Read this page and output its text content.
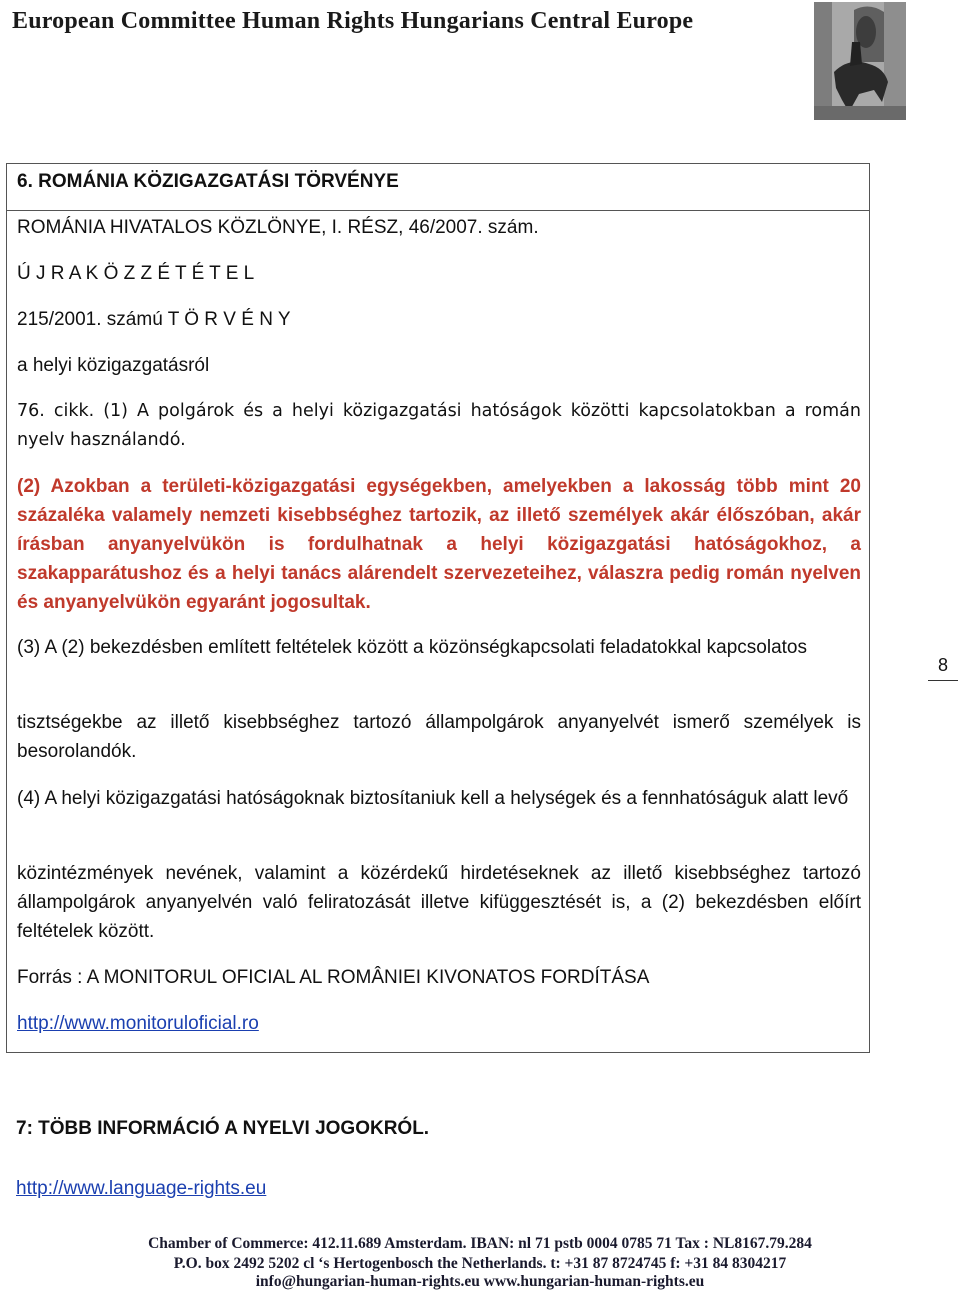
European Committee Human Rights Hungarians Central Europe
6. ROMÁNIA KÖZIGAZGATÁSI TÖRVÉNYE
ROMÁNIA HIVATALOS KÖZLÖNYE, I. RÉSZ, 46/2007. szám.
Ú J R A K Ö Z Z É T É T E L
215/2001. számú T Ö R V É N Y
a helyi közigazgatásról
76. cikk. (1) A polgárok és a helyi közigazgatási hatóságok közötti kapcsolatokban a román nyelv használandó.
(2) Azokban a területi-közigazgatási egységekben, amelyekben a lakosság több mint 20 százaléka valamely nemzeti kisebbséghez tartozik, az illető személyek akár élőszóban, akár írásban anyanyelvükön is fordulhatnak a helyi közigazgatási hatóságokhoz, a szakapparátushoz és a helyi tanács alárendelt szervezeteihez, válaszra pedig román nyelven és anyanyelvükön egyaránt jogosultak.
(3) A (2) bekezdésben említett feltételek között a közönségkapcsolati feladatokkal kapcsolatos
tisztségekbe az illető kisebbséghez tartozó állampolgárok anyanyelvét ismerő személyek is besorolandók.
(4) A helyi közigazgatási hatóságoknak biztosítaniuk kell a helységek és a fennhatóságuk alatt levő
közintézmények nevének, valamint a közérdekű hirdetéseknek az illető kisebbséghez tartozó állampolgárok anyanyelvén való feliratozását illetve kifüggesztését is, a (2) bekezdésben előírt feltételek között.
Forrás : A MONITORUL OFICIAL AL ROMÂNIEI KIVONATOS FORDÍTÁSA
http://www.monitoruloficial.ro
8
7: TÖBB INFORMÁCIÓ A NYELVI JOGOKRÓL.
http://www.language-rights.eu
Chamber of Commerce: 412.11.689 Amsterdam. IBAN: nl 71 pstb 0004 0785 71 Tax : NL8167.79.284
P.O. box 2492 5202 cl ‘s Hertogenbosch the Netherlands. t: +31 87 8724745 f: +31 84 8304217
info@hungarian-human-rights.eu www.hungarian-human-rights.eu
